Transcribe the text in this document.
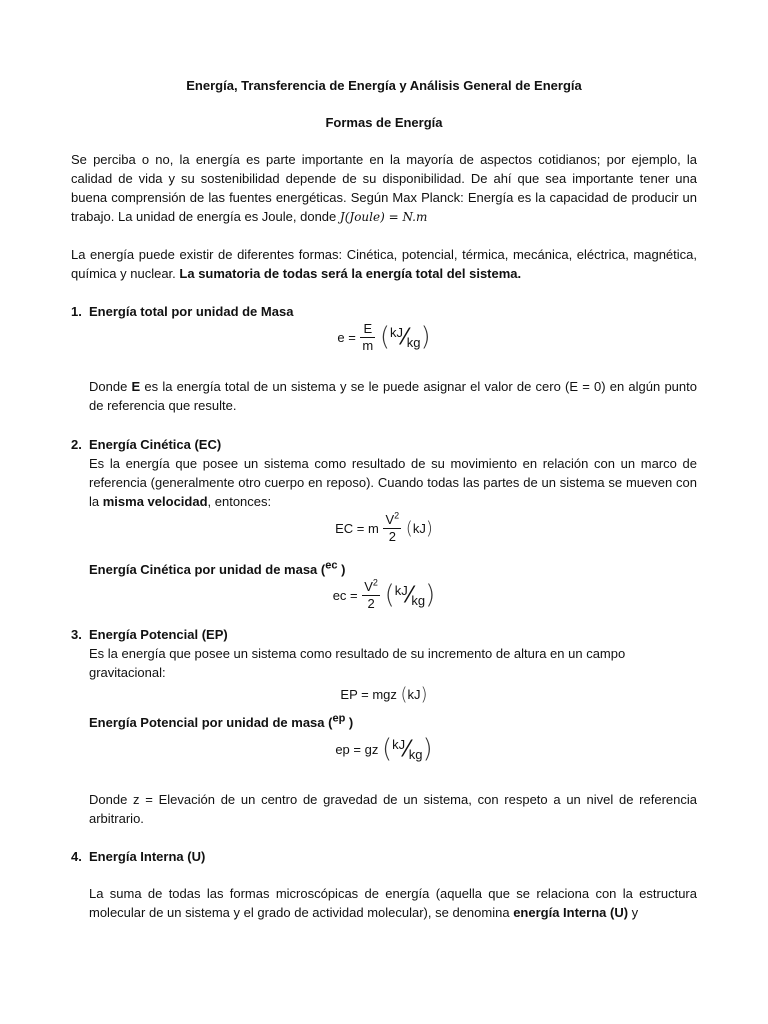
Energía, Transferencia de Energía y Análisis General de Energía
Formas de Energía
Se perciba o no, la energía es parte importante en la mayoría de aspectos cotidianos; por ejemplo, la calidad de vida y su sostenibilidad depende de su disponibilidad. De ahí que sea importante tener una buena comprensión de las fuentes energéticas. Según Max Planck: Energía es la capacidad de producir un trabajo. La unidad de energía es Joule, donde J(Joule) = N.m
La energía puede existir de diferentes formas: Cinética, potencial, térmica, mecánica, eléctrica, magnética, química y nuclear. La sumatoria de todas será la energía total del sistema.
1. Energía total por unidad de Masa
$e = \frac{E}{m}$ (kJ⁄kg)
Donde E es la energía total de un sistema y se le puede asignar el valor de cero (E = 0) en algún punto de referencia que resulte.
2. Energía Cinética (EC)
Es la energía que posee un sistema como resultado de su movimiento en relación con un marco de referencia (generalmente otro cuerpo en reposo). Cuando todas las partes de un sistema se mueven con la misma velocidad, entonces:
EC = m $\frac{V^2}{2} (kJ)$
Energía Cinética por unidad de masa ($^{ec}$ )
ec = $\frac{V^2}{2}$ (kJ⁄kg)
3. Energía Potencial (EP)
Es la energía que posee un sistema como resultado de su incremento de altura en un campo gravitacional:
EP = mgz (kJ)
Energía Potencial por unidad de masa ($^{ep}$ )
ep = gz (kJ⁄kg)
Donde z = Elevación de un centro de gravedad de un sistema, con respeto a un nivel de referencia arbitrario.
4. Energía Interna (U)
La suma de todas las formas microscópicas de energía (aquella que se relaciona con la estructura molecular de un sistema y el grado de actividad molecular), se denomina energía Interna (U) y
